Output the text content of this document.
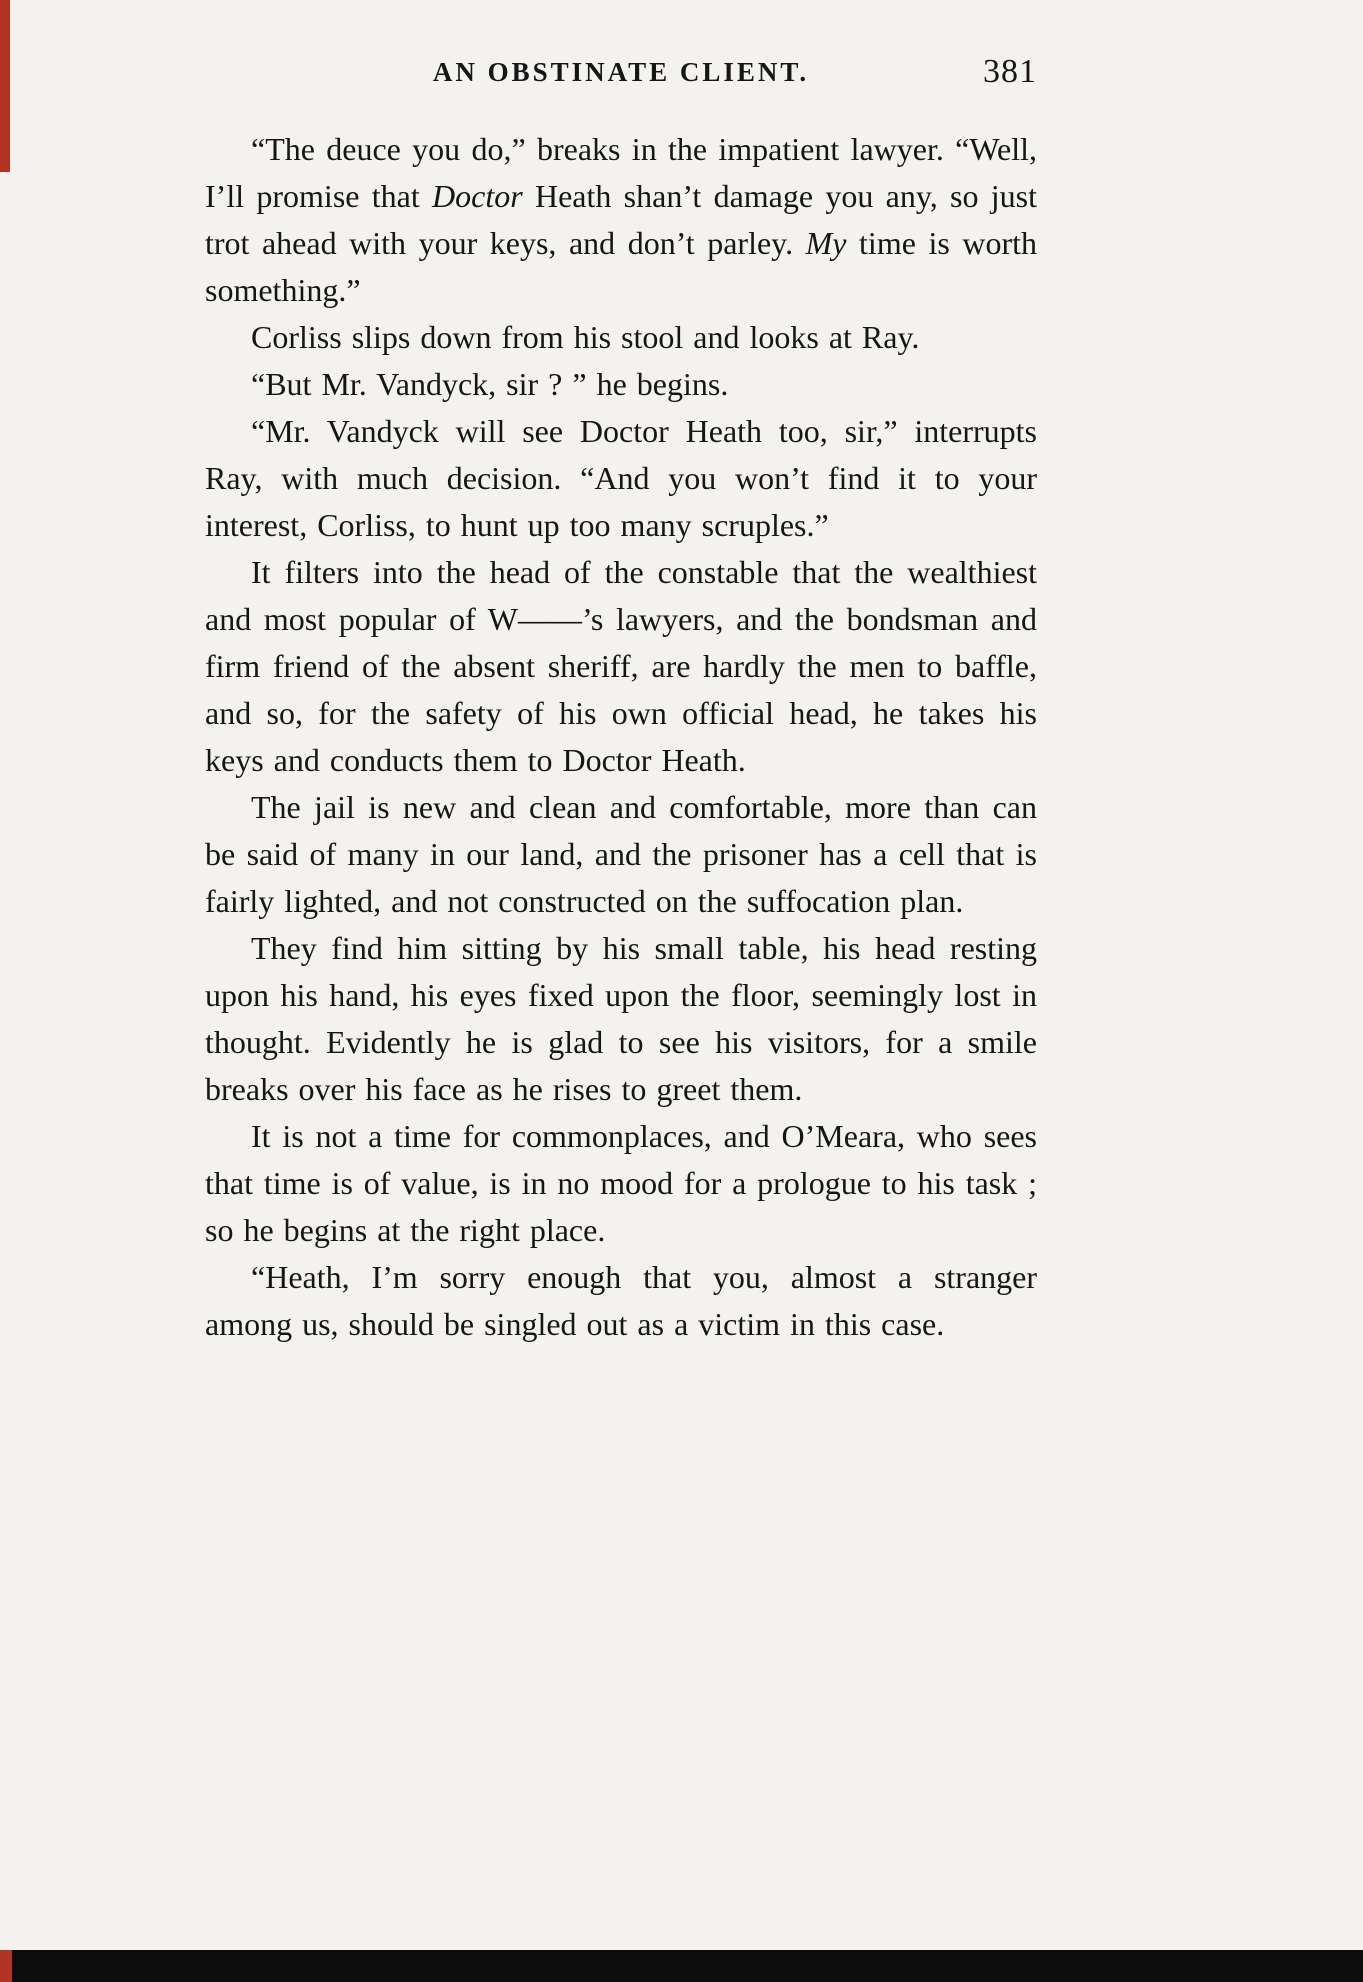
AN OBSTINATE CLIENT.	381

“The deuce you do,” breaks in the impatient lawyer. “Well, I’ll promise that Doctor Heath shan’t damage you any, so just trot ahead with your keys, and don’t parley. My time is worth something.”

Corliss slips down from his stool and looks at Ray.

“But Mr. Vandyck, sir ? ” he begins.

“Mr. Vandyck will see Doctor Heath too, sir,” interrupts Ray, with much decision. “And you won’t find it to your interest, Corliss, to hunt up too many scruples.”

It filters into the head of the constable that the wealthiest and most popular of W——’s lawyers, and the bondsman and firm friend of the absent sheriff, are hardly the men to baffle, and so, for the safety of his own official head, he takes his keys and conducts them to Doctor Heath.

The jail is new and clean and comfortable, more than can be said of many in our land, and the prisoner has a cell that is fairly lighted, and not constructed on the suffocation plan.

They find him sitting by his small table, his head resting upon his hand, his eyes fixed upon the floor, seemingly lost in thought. Evidently he is glad to see his visitors, for a smile breaks over his face as he rises to greet them.

It is not a time for commonplaces, and O’Meara, who sees that time is of value, is in no mood for a prologue to his task ; so he begins at the right place.

“Heath, I’m sorry enough that you, almost a stranger among us, should be singled out as a victim in this case.
